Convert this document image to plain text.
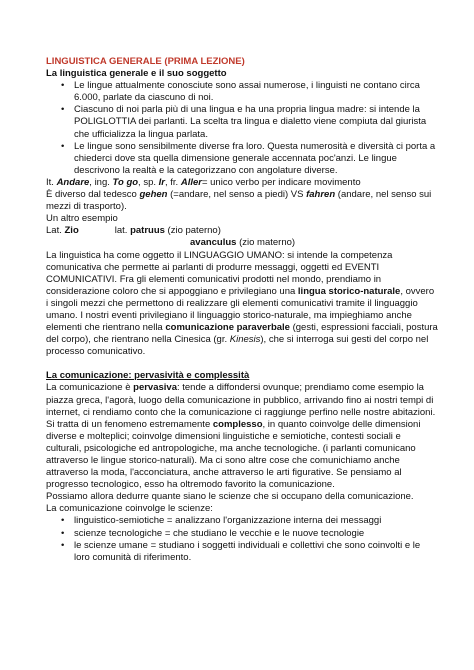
LINGUISTICA GENERALE (PRIMA LEZIONE)
La linguistica generale e il suo soggetto
• Le lingue attualmente conosciute sono assai numerose, i linguisti ne contano circa 6.000, parlate da ciascuno di noi.
• Ciascuno di noi parla più di una lingua e ha una propria lingua madre: si intende la POLIGLOTTIA dei parlanti. La scelta tra lingua e dialetto viene compiuta dal giurista che ufficializza la lingua parlata.
• Le lingue sono sensibilmente diverse fra loro. Questa numerosità e diversità ci porta a chiederci dove sta quella dimensione generale accennata poc'anzi. Le lingue descrivono la realtà e la categorizzano con angolature diverse.

It. Andare, ing. To go, sp. Ir, fr. Aller= unico verbo per indicare movimento

È diverso dal tedesco gehen (=andare, nel senso a piedi) VS fahren (andare, nel senso sui mezzi di trasporto).

Un altro esempio

Lat. Zio	lat. patruus (zio paterno)

avanculus (zio materno)

La linguistica ha come oggetto il LINGUAGGIO UMANO: si intende la competenza comunicativa che permette ai parlanti di produrre messaggi, oggetti ed EVENTI COMUNICATIVI. Fra gli elementi comunicativi prodotti nel mondo, prendiamo in considerazione coloro che si appoggiano e privilegiano una lingua storico-naturale, ovvero i singoli mezzi che permettono di realizzare gli elementi comunicativi tramite il linguaggio umano. I nostri eventi privilegiano il linguaggio storico-naturale, ma impieghiamo anche elementi che rientrano nella comunicazione paraverbale (gesti, espressioni facciali, postura del corpo), che rientrano nella Cinesica (gr. Kinesis), che si interroga sui gesti del corpo nel processo comunicativo.

La comunicazione: pervasività e complessità

La comunicazione è pervasiva: tende a diffondersi ovunque; prendiamo come esempio la piazza greca, l'agorà, luogo della comunicazione in pubblico, arrivando fino ai nostri tempi di internet, ci rendiamo conto che la comunicazione ci raggiunge perfino nelle nostre abitazioni. Si tratta di un fenomeno estremamente complesso, in quanto coinvolge delle dimensioni diverse e molteplici; coinvolge dimensioni linguistiche e semiotiche, contesti sociali e culturali, psicologiche ed antropologiche, ma anche tecnologiche. (i parlanti comunicano attraverso le lingue storico-naturali). Ma ci sono altre cose che comunichiamo anche attraverso la moda, l'acconciatura, anche attraverso le arti figurative. Se pensiamo al progresso tecnologico, esso ha oltremodo favorito la comunicazione.

Possiamo allora dedurre quante siano le scienze che si occupano della comunicazione.

La comunicazione coinvolge le scienze:

• linguistico-semiotiche = analizzano l'organizzazione interna dei messaggi
• scienze tecnologiche = che studiano le vecchie e le nuove tecnologie
• le scienze umane = studiano i soggetti individuali e collettivi che sono coinvolti e le loro comunità di riferimento.
